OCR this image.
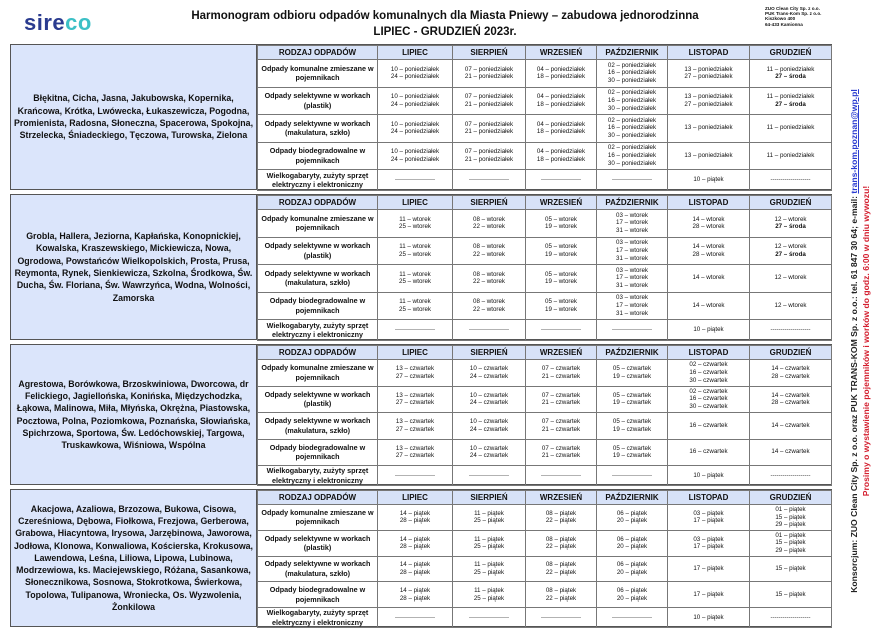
sireco	Harmonogram odbioru odpadów komunalnych dla Miasta Pniewy – zabudowa jednorodzinna
LIPIEC - GRUDZIEŃ 2023r.
ZUO Clean City Sp. z o.o.
PUK Trans-Kom Sp. z o.o.
Kiszkowo 400
64-433 Kamionna
Konsorcjum: ZUO Clean City Sp. z o.o. oraz PUK TRANS-KOM Sp. z o.o.: tel. 61 847 30 64; e-mail: trans-kom.poznan@wp.pl
Prosimy o wystawienie pojemników i worków do godz. 6:00 w dniu wywozu!
Błękitna, Cicha, Jasna, Jakubowska, Kopernika, Krańcowa, Krótka, Lwówecka, Łukaszewicza, Pogodna, Promienista, Radosna, Słoneczna, Spacerowa, Spokojna, Strzelecka, Śniadeckiego, Tęczowa, Turowska, Zielona
RODZAJ ODPADÓW	LIPIEC	SIERPIEŃ	WRZESIEŃ	PAŹDZIERNIK	LISTOPAD	GRUDZIEŃ
Odpady komunalne zmieszane w pojemnikach	10 – poniedziałek
24 – poniedziałek	07 – poniedziałek
21 – poniedziałek	04 – poniedziałek
18 – poniedziałek	02 – poniedziałek
16 – poniedziałek
30 – poniedziałek	13 – poniedziałek
27 – poniedziałek	11 – poniedziałek
27 – środa
Odpady selektywne w workach (plastik)	10 – poniedziałek
24 – poniedziałek	07 – poniedziałek
21 – poniedziałek	04 – poniedziałek
18 – poniedziałek	02 – poniedziałek
16 – poniedziałek
30 – poniedziałek	13 – poniedziałek
27 – poniedziałek	11 – poniedziałek
27 – środa
Odpady selektywne w workach (makulatura, szkło)	10 – poniedziałek
24 – poniedziałek	07 – poniedziałek
21 – poniedziałek	04 – poniedziałek
18 – poniedziałek	02 – poniedziałek
16 – poniedziałek
30 – poniedziałek	13 – poniedziałek	11 – poniedziałek
Odpady biodegradowalne w pojemnikach	10 – poniedziałek
24 – poniedziałek	07 – poniedziałek
21 – poniedziałek	04 – poniedziałek
18 – poniedziałek	02 – poniedziałek
16 – poniedziałek
30 – poniedziałek	13 – poniedziałek	11 – poniedziałek
Wielkogabaryty, zużyty sprzęt elektryczny i elektroniczny	--------------------	--------------------	--------------------	--------------------	10 – piątek	--------------------
Grobla, Hallera, Jeziorna, Kapłańska, Konopnickiej, Kowalska, Kraszewskiego, Mickiewicza, Nowa, Ogrodowa, Powstańców Wielkopolskich, Prosta, Prusa, Reymonta, Rynek, Sienkiewicza, Szkolna, Środkowa, Św. Ducha, Św. Floriana, Św. Wawrzyńca, Wodna, Wolności, Zamorska
RODZAJ ODPADÓW	LIPIEC	SIERPIEŃ	WRZESIEŃ	PAŹDZIERNIK	LISTOPAD	GRUDZIEŃ
Odpady komunalne zmieszane w pojemnikach	11 – wtorek
25 – wtorek	08 – wtorek
22 – wtorek	05 – wtorek
19 – wtorek	03 – wtorek
17 – wtorek
31 – wtorek	14 – wtorek
28 – wtorek	12 – wtorek
27 – środa
Odpady selektywne w workach (plastik)	11 – wtorek
25 – wtorek	08 – wtorek
22 – wtorek	05 – wtorek
19 – wtorek	03 – wtorek
17 – wtorek
31 – wtorek	14 – wtorek
28 – wtorek	12 – wtorek
27 – środa
Odpady selektywne w workach (makulatura, szkło)	11 – wtorek
25 – wtorek	08 – wtorek
22 – wtorek	05 – wtorek
19 – wtorek	03 – wtorek
17 – wtorek
31 – wtorek	14 – wtorek	12 – wtorek
Odpady biodegradowalne w pojemnikach	11 – wtorek
25 – wtorek	08 – wtorek
22 – wtorek	05 – wtorek
19 – wtorek	03 – wtorek
17 – wtorek
31 – wtorek	14 – wtorek	12 – wtorek
Wielkogabaryty, zużyty sprzęt elektryczny i elektroniczny	--------------------	--------------------	--------------------	--------------------	10 – piątek	--------------------
Agrestowa, Borówkowa, Brzoskwiniowa, Dworcowa, dr Felickiego, Jagiellońska, Konińska, Międzychodzka, Łąkowa, Malinowa, Miła, Młyńska, Okrężna, Piastowska, Pocztowa, Polna, Poziomkowa, Poznańska, Słowiańska, Spichrzowa, Sportowa, Św. Ledóchowskiej, Targowa, Truskawkowa, Wiśniowa, Wspólna
RODZAJ ODPADÓW	LIPIEC	SIERPIEŃ	WRZESIEŃ	PAŹDZIERNIK	LISTOPAD	GRUDZIEŃ
Odpady komunalne zmieszane w pojemnikach	13 – czwartek
27 – czwartek	10 – czwartek
24 – czwartek	07 – czwartek
21 – czwartek	05 – czwartek
19 – czwartek	02 – czwartek
16 – czwartek
30 – czwartek	14 – czwartek
28 – czwartek
Odpady selektywne w workach (plastik)	13 – czwartek
27 – czwartek	10 – czwartek
24 – czwartek	07 – czwartek
21 – czwartek	05 – czwartek
19 – czwartek	02 – czwartek
16 – czwartek
30 – czwartek	14 – czwartek
28 – czwartek
Odpady selektywne w workach (makulatura, szkło)	13 – czwartek
27 – czwartek	10 – czwartek
24 – czwartek	07 – czwartek
21 – czwartek	05 – czwartek
19 – czwartek	16 – czwartek	14 – czwartek
Odpady biodegradowalne w pojemnikach	13 – czwartek
27 – czwartek	10 – czwartek
24 – czwartek	07 – czwartek
21 – czwartek	05 – czwartek
19 – czwartek	16 – czwartek	14 – czwartek
Wielkogabaryty, zużyty sprzęt elektryczny i elektroniczny	--------------------	--------------------	--------------------	--------------------	10 – piątek	--------------------
Akacjowa, Azaliowa, Brzozowa, Bukowa, Cisowa, Czereśniowa, Dębowa, Fiołkowa, Frezjowa, Gerberowa, Grabowa, Hiacyntowa, Irysowa, Jarzębinowa, Jaworowa, Jodłowa, Klonowa, Konwaliowa, Kościerska, Krokusowa, Lawendowa, Leśna, Liliowa, Lipowa, Lubinowa, Modrzewiowa, ks. Maciejewskiego, Różana, Sasankowa, Słonecznikowa, Sosnowa, Stokrotkowa, Świerkowa, Topolowa, Tulipanowa, Wroniecka, Os. Wyzwolenia, Żonkilowa
RODZAJ ODPADÓW	LIPIEC	SIERPIEŃ	WRZESIEŃ	PAŹDZIERNIK	LISTOPAD	GRUDZIEŃ
Odpady komunalne zmieszane w pojemnikach	14 – piątek
28 – piątek	11 – piątek
25 – piątek	08 – piątek
22 – piątek	06 – piątek
20 – piątek	03 – piątek
17 – piątek	01 – piątek
15 – piątek
29 – piątek
Odpady selektywne w workach (plastik)	14 – piątek
28 – piątek	11 – piątek
25 – piątek	08 – piątek
22 – piątek	06 – piątek
20 – piątek	03 – piątek
17 – piątek	01 – piątek
15 – piątek
29 – piątek
Odpady selektywne w workach (makulatura, szkło)	14 – piątek
28 – piątek	11 – piątek
25 – piątek	08 – piątek
22 – piątek	06 – piątek
20 – piątek	17 – piątek	15 – piątek
Odpady biodegradowalne w pojemnikach	14 – piątek
28 – piątek	11 – piątek
25 – piątek	08 – piątek
22 – piątek	06 – piątek
20 – piątek	17 – piątek	15 – piątek
Wielkogabaryty, zużyty sprzęt elektryczny i elektroniczny	--------------------	--------------------	--------------------	--------------------	10 – piątek	--------------------
